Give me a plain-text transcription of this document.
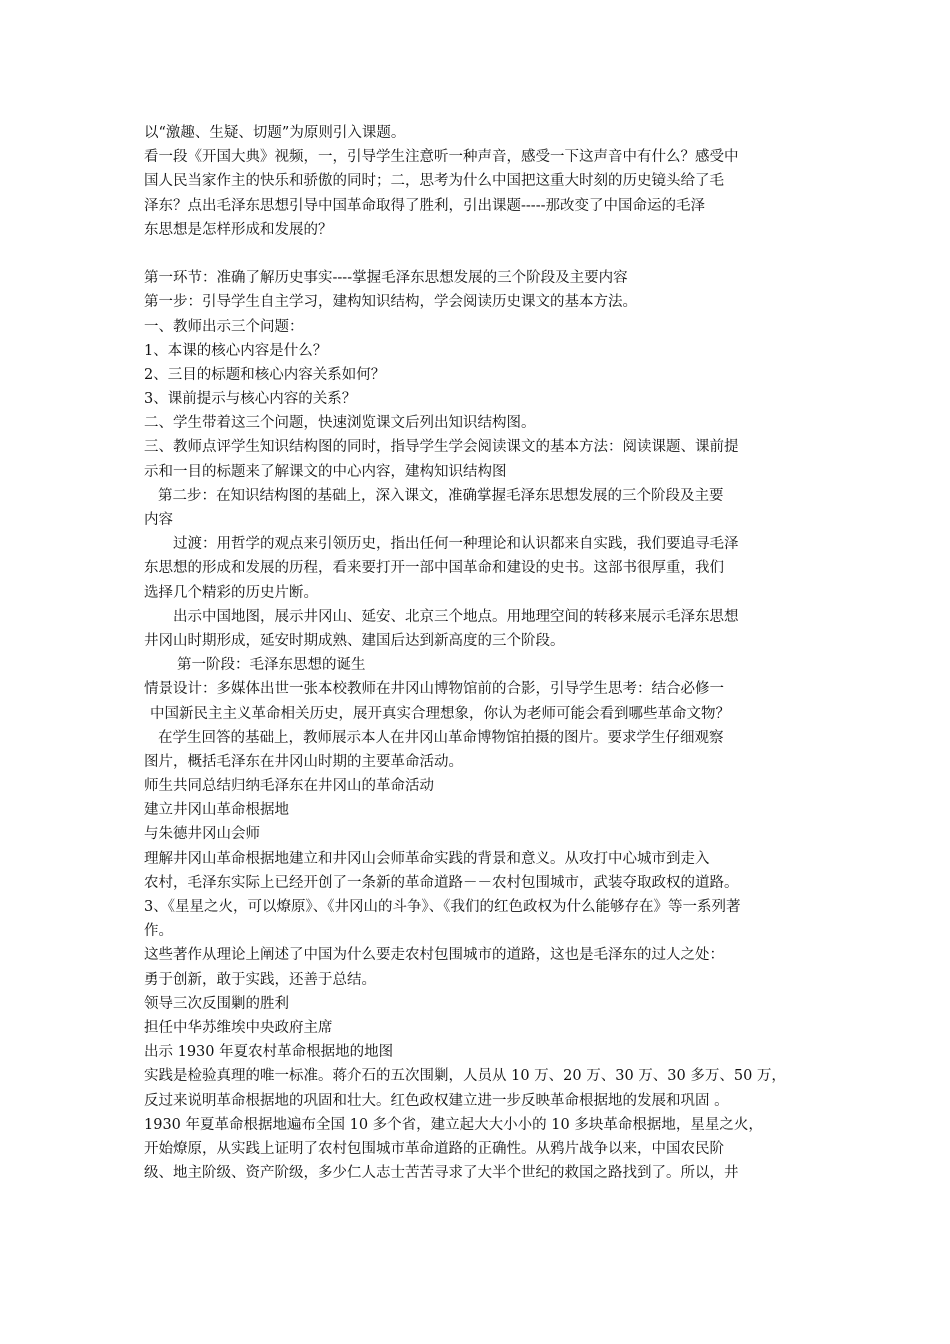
以“激趣、生疑、切题”为原则引入课题。
看一段《开国大典》视频，一，引导学生注意听一种声音，感受一下这声音中有什么？感受中
国人民当家作主的快乐和骄傲的同时；二，思考为什么中国把这重大时刻的历史镜头给了毛
泽东？点出毛泽东思想引导中国革命取得了胜利，引出课题-----那改变了中国命运的毛泽
东思想是怎样形成和发展的？
第一环节：准确了解历史事实----掌握毛泽东思想发展的三个阶段及主要内容
第一步：引导学生自主学习，建构知识结构，学会阅读历史课文的基本方法。
一、教师出示三个问题：
1、本课的核心内容是什么？
2、三目的标题和核心内容关系如何？
3、课前提示与核心内容的关系？
二、学生带着这三个问题，快速浏览课文后列出知识结构图。
三、教师点评学生知识结构图的同时，指导学生学会阅读课文的基本方法：阅读课题、课前提
示和一目的标题来了解课文的中心内容，建构知识结构图
第二步：在知识结构图的基础上，深入课文，准确掌握毛泽东思想发展的三个阶段及主要
内容
过渡：用哲学的观点来引领历史，指出任何一种理论和认识都来自实践，我们要追寻毛泽
东思想的形成和发展的历程，看来要打开一部中国革命和建设的史书。这部书很厚重，我们
选择几个精彩的历史片断。
出示中国地图，展示井冈山、延安、北京三个地点。用地理空间的转移来展示毛泽东思想
井冈山时期形成，延安时期成熟、建国后达到新高度的三个阶段。
第一阶段：毛泽东思想的诞生
情景设计：多媒体出世一张本校教师在井冈山博物馆前的合影，引导学生思考：结合必修一
中国新民主主义革命相关历史，展开真实合理想象，你认为老师可能会看到哪些革命文物？
在学生回答的基础上，教师展示本人在井冈山革命博物馆拍摄的图片。要求学生仔细观察
图片，概括毛泽东在井冈山时期的主要革命活动。
师生共同总结归纳毛泽东在井冈山的革命活动
建立井冈山革命根据地
与朱德井冈山会师
理解井冈山革命根据地建立和井冈山会师革命实践的背景和意义。从攻打中心城市到走入
农村，毛泽东实际上已经开创了一条新的革命道路－－农村包围城市，武装夺取政权的道路。
3、《星星之火，可以燎原》、《井冈山的斗争》、《我们的红色政权为什么能够存在》等一系列著
作。
这些著作从理论上阐述了中国为什么要走农村包围城市的道路，这也是毛泽东的过人之处：
勇于创新，敢于实践，还善于总结。
领导三次反围剿的胜利
担任中华苏维埃中央政府主席
出示 1930 年夏农村革命根据地的地图
实践是检验真理的唯一标准。蒋介石的五次围剿，人员从 10 万、20 万、30 万、30 多万、50 万，
反过来说明革命根据地的巩固和壮大。红色政权建立进一步反映革命根据地的发展和巩固 。
1930 年夏革命根据地遍布全国 10 多个省，建立起大大小小的 10 多块革命根据地，星星之火，
开始燎原，从实践上证明了农村包围城市革命道路的正确性。从鸦片战争以来，中国农民阶
级、地主阶级、资产阶级，多少仁人志士苦苦寻求了大半个世纪的救国之路找到了。所以，井
